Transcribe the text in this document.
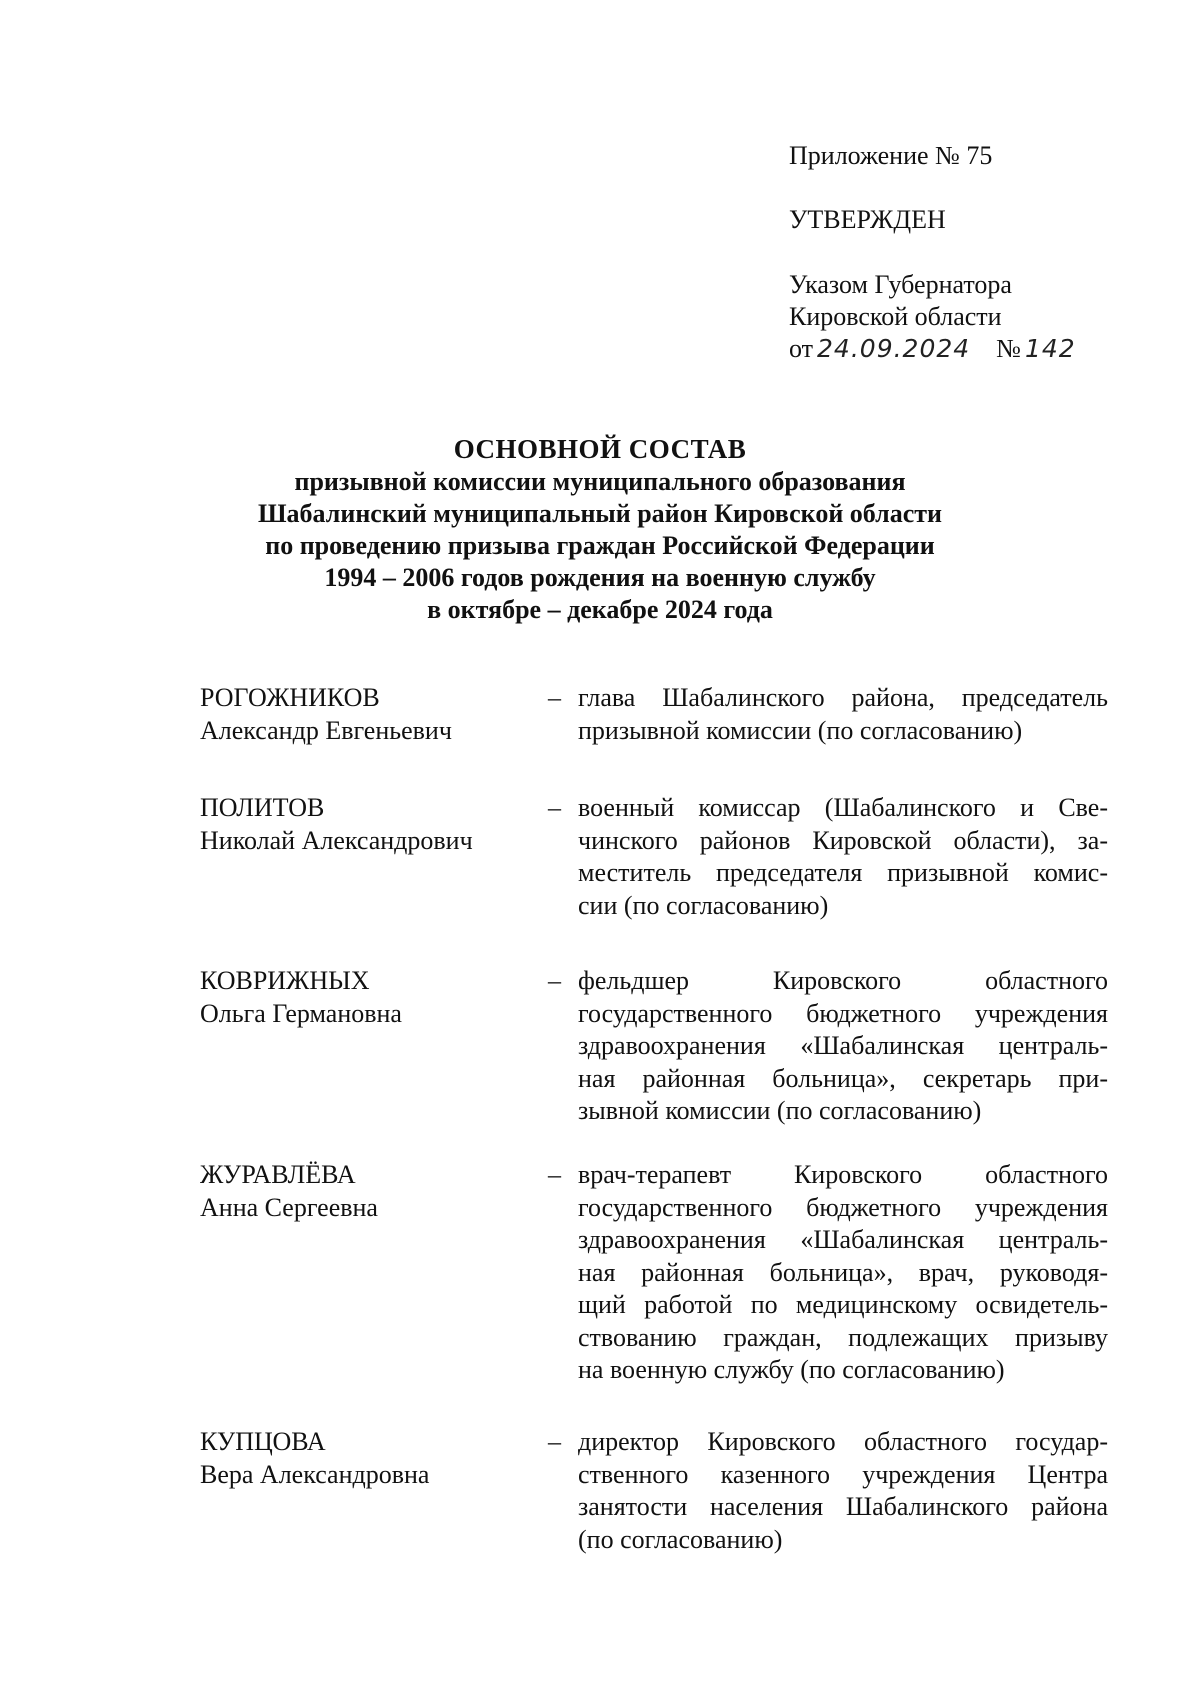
Приложение № 75
УТВЕРЖДЕН
Указом Губернатора
Кировской области
от 24.09.2024 № 142
ОСНОВНОЙ СОСТАВ
призывной комиссии муниципального образования
Шабалинский муниципальный район Кировской области
по проведению призыва граждан Российской Федерации
1994 – 2006 годов рождения на военную службу
в октябре – декабре 2024 года
РОГОЖНИКОВ
Александр Евгеньевич
– глава Шабалинского района, председатель
призывной комиссии (по согласованию)
ПОЛИТОВ
Николай Александрович
– военный комиссар (Шабалинского и Све-
чинского районов Кировской области), за-
меститель председателя призывной комис-
сии (по согласованию)
КОВРИЖНЫХ
Ольга Германовна
– фельдшер Кировского областного
государственного бюджетного учреждения
здравоохранения «Шабалинская централь-
ная районная больница», секретарь при-
зывной комиссии (по согласованию)
ЖУРАВЛЁВА
Анна Сергеевна
– врач-терапевт Кировского областного
государственного бюджетного учреждения
здравоохранения «Шабалинская централь-
ная районная больница», врач, руководя-
щий работой по медицинскому освидетель-
ствованию граждан, подлежащих призыву
на военную службу (по согласованию)
КУПЦОВА
Вера Александровна
– директор Кировского областного государ-
ственного казенного учреждения Центра
занятости населения Шабалинского района
(по согласованию)
